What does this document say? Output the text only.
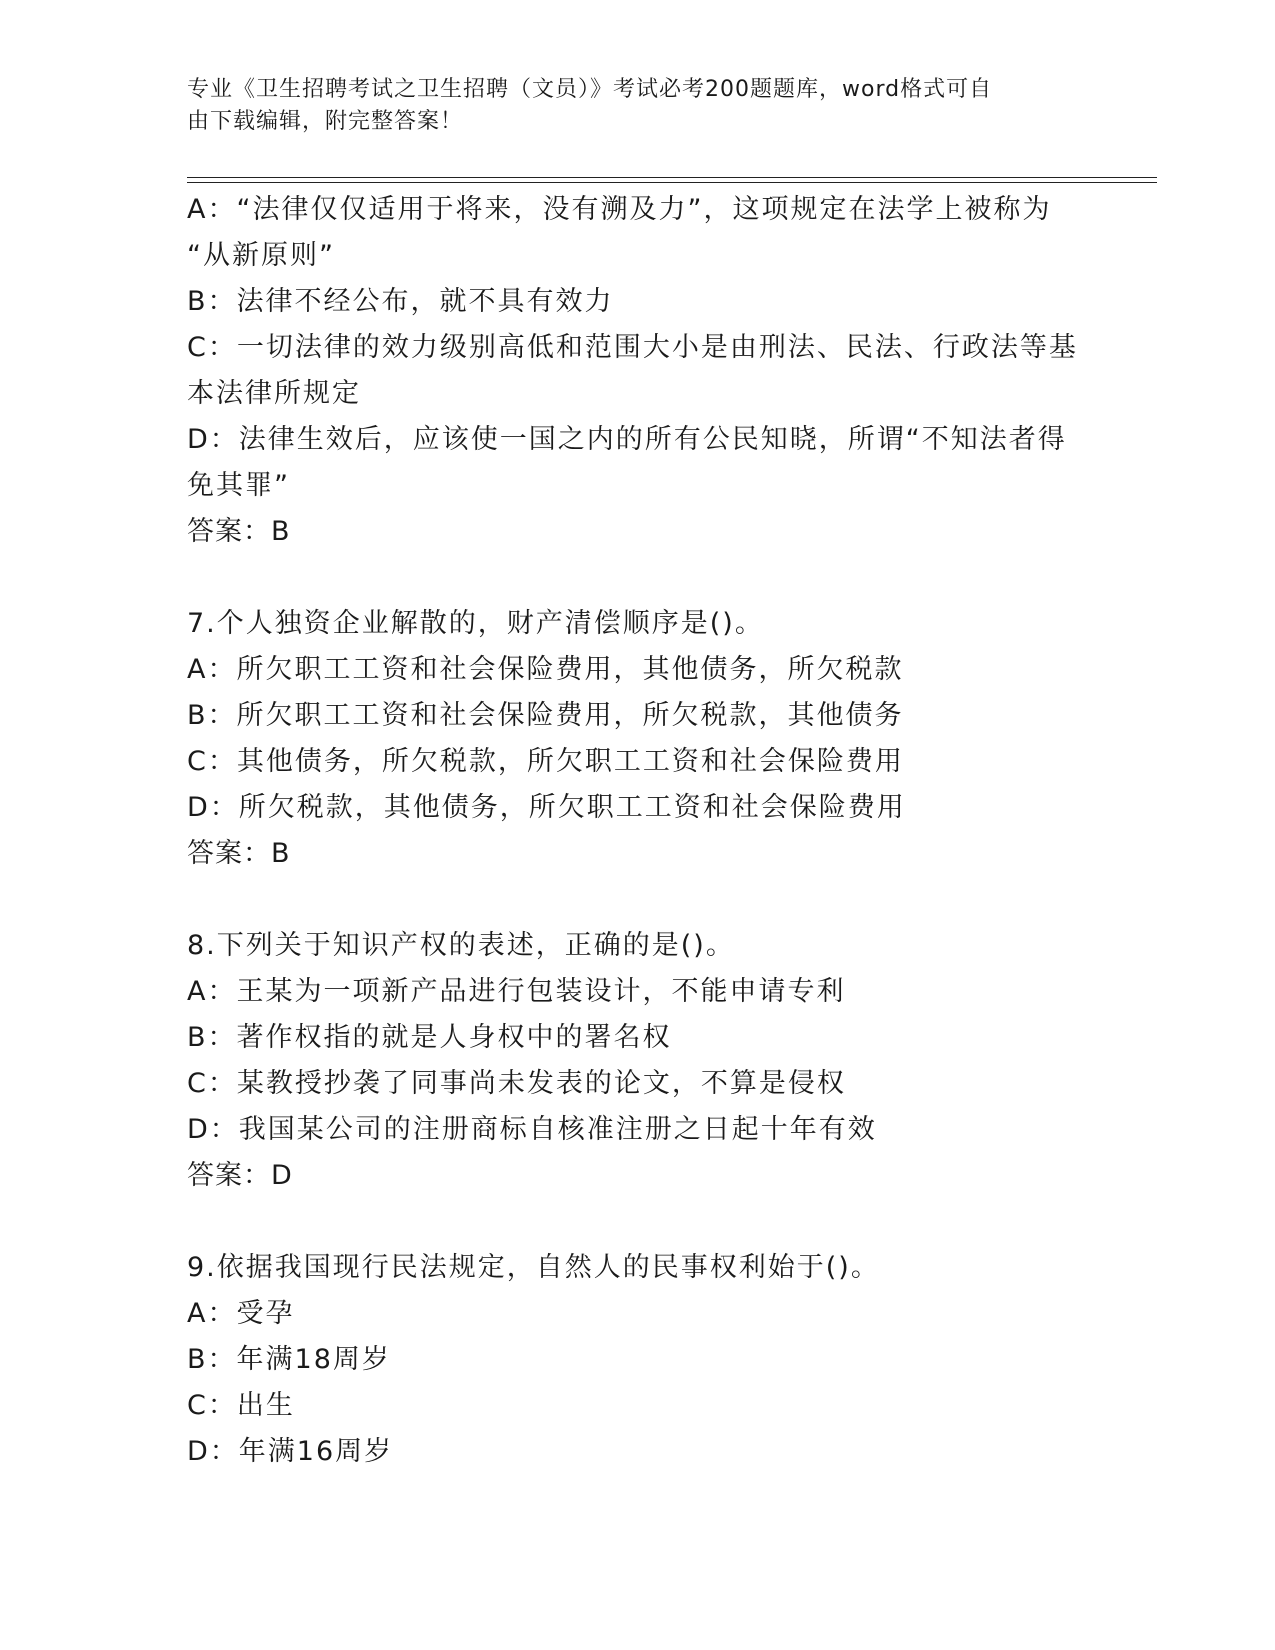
专业《卫生招聘考试之卫生招聘（文员）》考试必考200题题库，word格式可自
由下载编辑，附完整答案！
A：“法律仅仅适用于将来，没有溯及力”，这项规定在法学上被称为
“从新原则”
B：法律不经公布，就不具有效力
C：一切法律的效力级别高低和范围大小是由刑法、民法、行政法等基
本法律所规定
D：法律生效后，应该使一国之内的所有公民知晓，所谓“不知法者得
免其罪”
答案：B
7.个人独资企业解散的，财产清偿顺序是()。
A：所欠职工工资和社会保险费用，其他债务，所欠税款
B：所欠职工工资和社会保险费用，所欠税款，其他债务
C：其他债务，所欠税款，所欠职工工资和社会保险费用
D：所欠税款，其他债务，所欠职工工资和社会保险费用
答案：B
8.下列关于知识产权的表述，正确的是()。
A：王某为一项新产品进行包装设计，不能申请专利
B：著作权指的就是人身权中的署名权
C：某教授抄袭了同事尚未发表的论文，不算是侵权
D：我国某公司的注册商标自核准注册之日起十年有效
答案：D
9.依据我国现行民法规定，自然人的民事权利始于()。
A：受孕
B：年满18周岁
C：出生
D：年满16周岁
